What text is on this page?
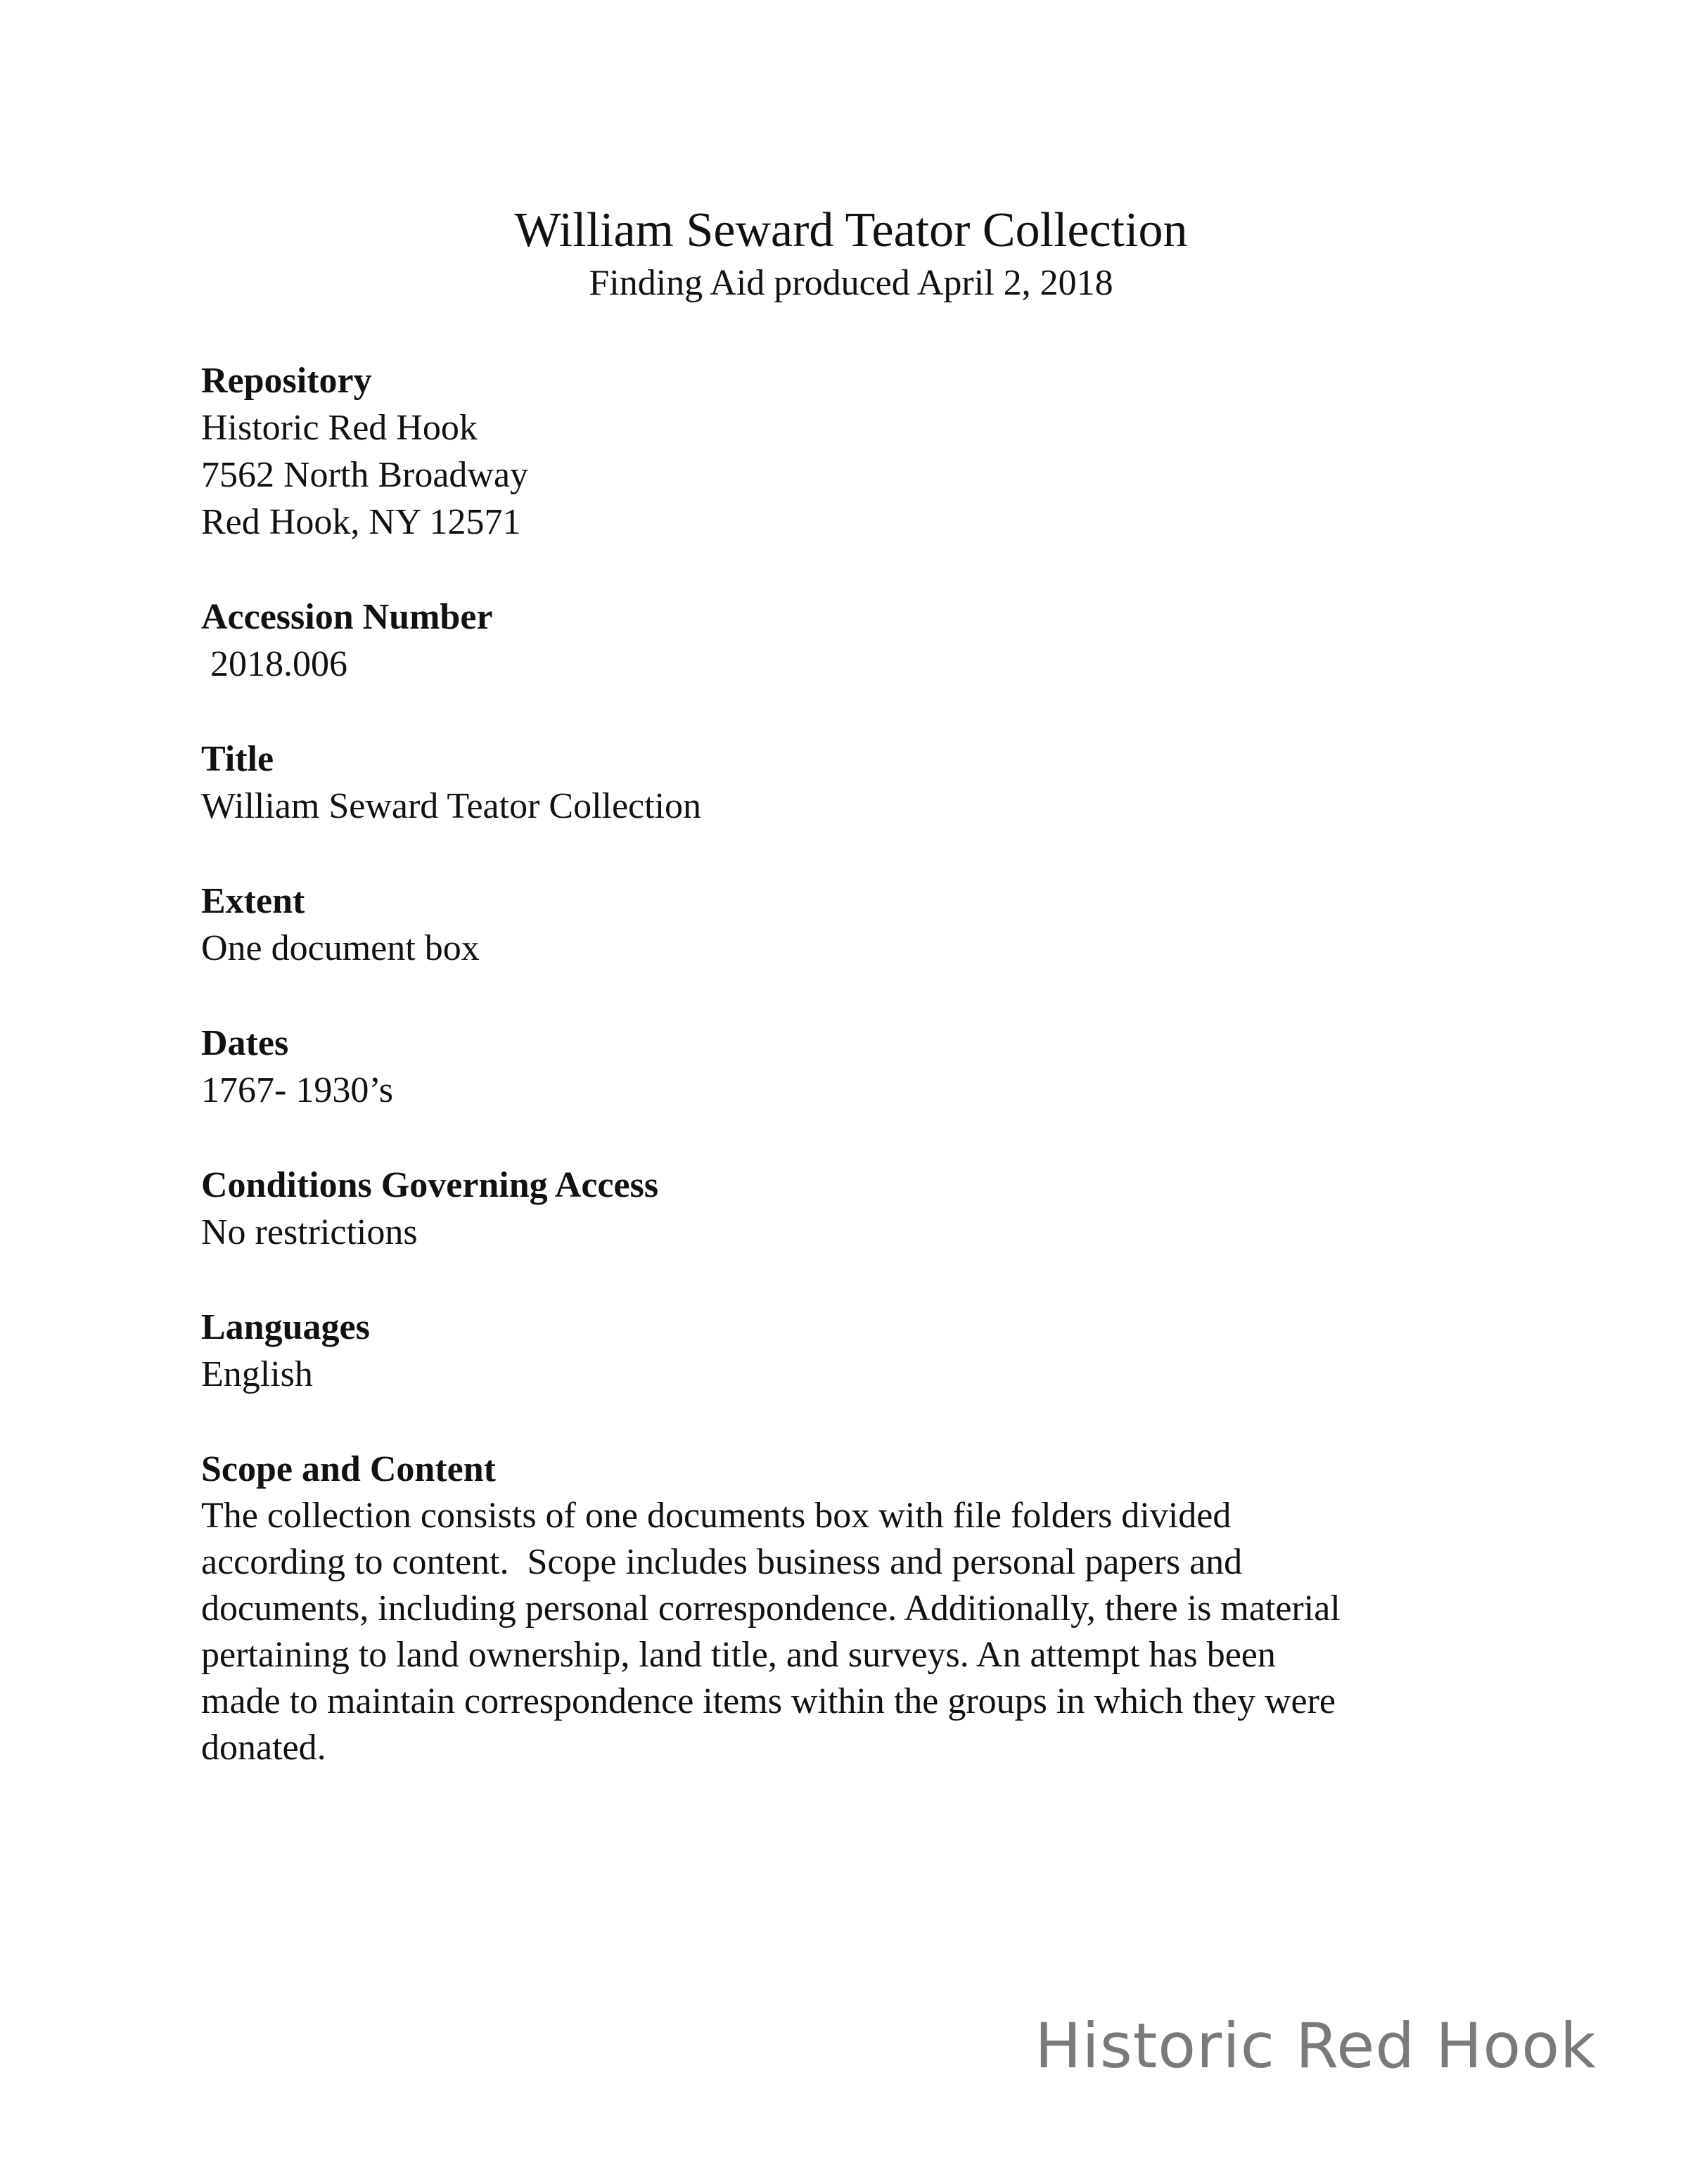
William Seward Teator Collection

Finding Aid produced April 2, 2018

Repository

Historic Red Hook

7562 North Broadway

Red Hook, NY 12571

Accession Number

2018.006

Title

William Seward Teator Collection

Extent

One document box

Dates

1767- 1930’s

Conditions Governing Access

No restrictions

Languages

English

Scope and Content

The collection consists of one documents box with file folders divided

according to content.  Scope includes business and personal papers and

documents, including personal correspondence. Additionally, there is material

pertaining to land ownership, land title, and surveys. An attempt has been

made to maintain correspondence items within the groups in which they were

donated.

Historic Red Hook
